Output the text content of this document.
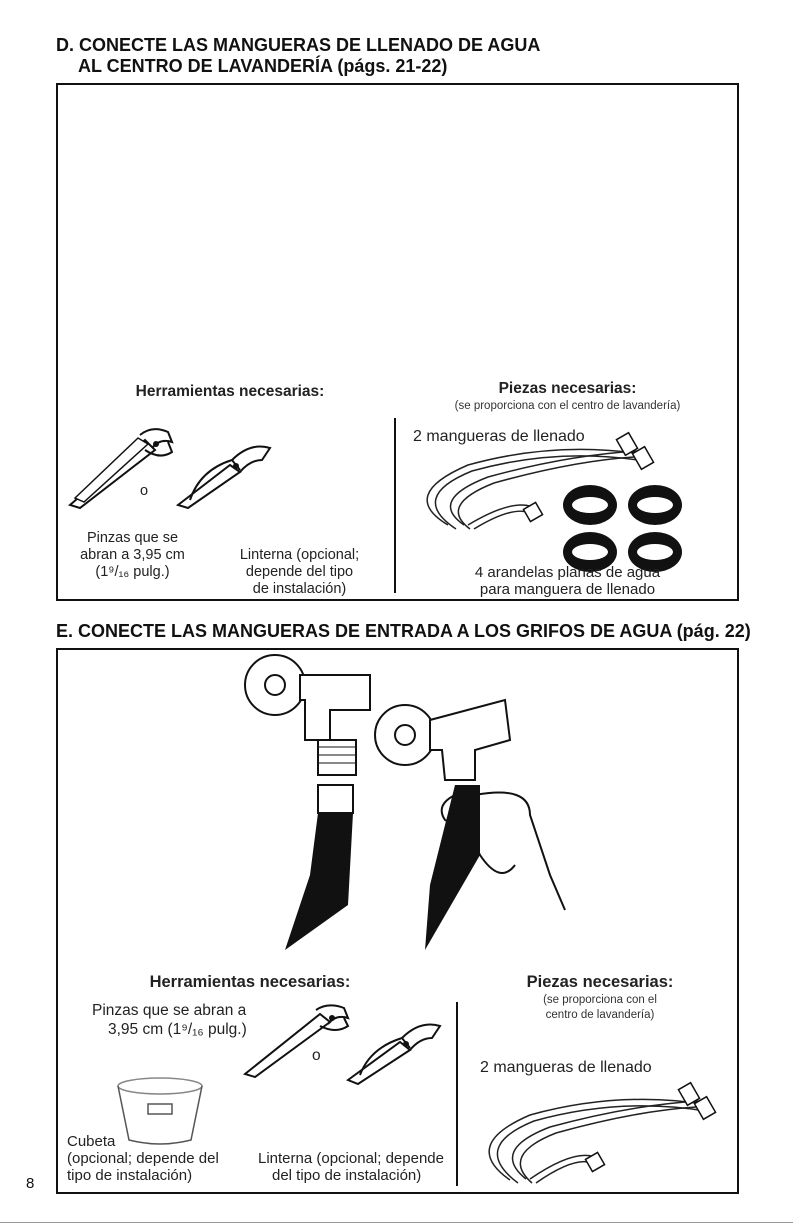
D. CONECTE LAS MANGUERAS DE LLENADO DE AGUA
AL CENTRO DE LAVANDERÍA (págs. 21-22)
Herramientas necesarias:	Piezas necesarias:
(se proporciona con el centro de lavandería)
o
Pinzas que se
abran a 3,95 cm
(1⁹/₁₆ pulg.)
Linterna (opcional;
depende del tipo
de instalación)
2 mangueras de llenado
4 arandelas planas de agua
para manguera de llenado
E. CONECTE LAS MANGUERAS DE ENTRADA A LOS GRIFOS DE AGUA (pág. 22)
Herramientas necesarias:
Pinzas que se abran a
3,95 cm (1⁹/₁₆ pulg.)
o
Cubeta
(opcional; depende del
tipo de instalación)
Linterna (opcional; depende
del tipo de instalación)
Piezas necesarias:
(se proporciona con el
centro de lavandería)
2 mangueras de llenado
8
